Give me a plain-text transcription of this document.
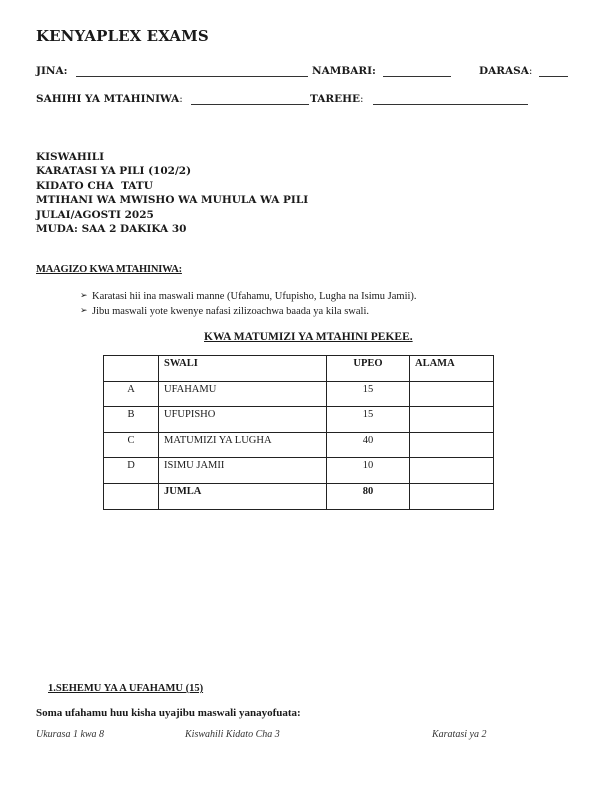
KENYAPLEX EXAMS
JINA:	NAMBARI:	DARASA:
SAHIHI YA MTAHINIWA:	TAREHE:
KISWAHILI
KARATASI YA PILI (102/2)
KIDATO CHA  TATU
MTIHANI WA MWISHO WA MUHULA WA PILI
JULAI/AGOSTI 2025
MUDA: SAA 2 DAKIKA 30
MAAGIZO KWA MTAHINIWA:
➢ Karatasi hii ina maswali manne (Ufahamu, Ufupisho, Lugha na Isimu Jamii).
➢ Jibu maswali yote kwenye nafasi zilizoachwa baada ya kila swali.
KWA MATUMIZI YA MTAHINI PEKEE.
	SWALI	UPEO	ALAMA
A	UFAHAMU	15	
B	UFUPISHO	15	
C	MATUMIZI YA LUGHA	40	
D	ISIMU JAMII	10	
	JUMLA	80	
1.SEHEMU YA A UFAHAMU (15)
Soma ufahamu huu kisha uyajibu maswali yanayofuata:
Ukurasa 1 kwa 8	Kiswahili Kidato Cha 3	Karatasi ya 2
